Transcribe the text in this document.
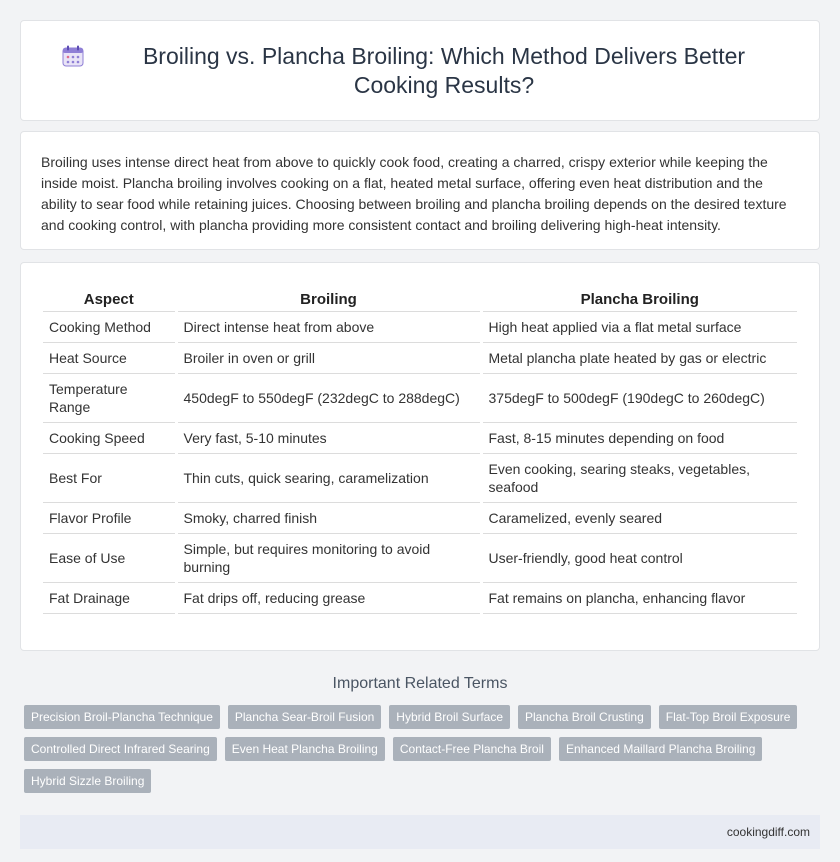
Broiling vs. Plancha Broiling: Which Method Delivers Better Cooking Results?

Broiling uses intense direct heat from above to quickly cook food, creating a charred, crispy exterior while keeping the inside moist. Plancha broiling involves cooking on a flat, heated metal surface, offering even heat distribution and the ability to sear food while retaining juices. Choosing between broiling and plancha broiling depends on the desired texture and cooking control, with plancha providing more consistent contact and broiling delivering high-heat intensity.

Aspect	Broiling	Plancha Broiling
Cooking Method	Direct intense heat from above	High heat applied via a flat metal surface
Heat Source	Broiler in oven or grill	Metal plancha plate heated by gas or electric
Temperature Range	450degF to 550degF (232degC to 288degC)	375degF to 500degF (190degC to 260degC)
Cooking Speed	Very fast, 5-10 minutes	Fast, 8-15 minutes depending on food
Best For	Thin cuts, quick searing, caramelization	Even cooking, searing steaks, vegetables, seafood
Flavor Profile	Smoky, charred finish	Caramelized, evenly seared
Ease of Use	Simple, but requires monitoring to avoid burning	User-friendly, good heat control
Fat Drainage	Fat drips off, reducing grease	Fat remains on plancha, enhancing flavor
Important Related Terms
Precision Broil-Plancha Technique	Plancha Sear-Broil Fusion	Hybrid Broil Surface	Plancha Broil Crusting	Flat-Top Broil Exposure
Controlled Direct Infrared Searing	Even Heat Plancha Broiling	Contact-Free Plancha Broil	Enhanced Maillard Plancha Broiling
Hybrid Sizzle Broiling
cookingdiff.com
